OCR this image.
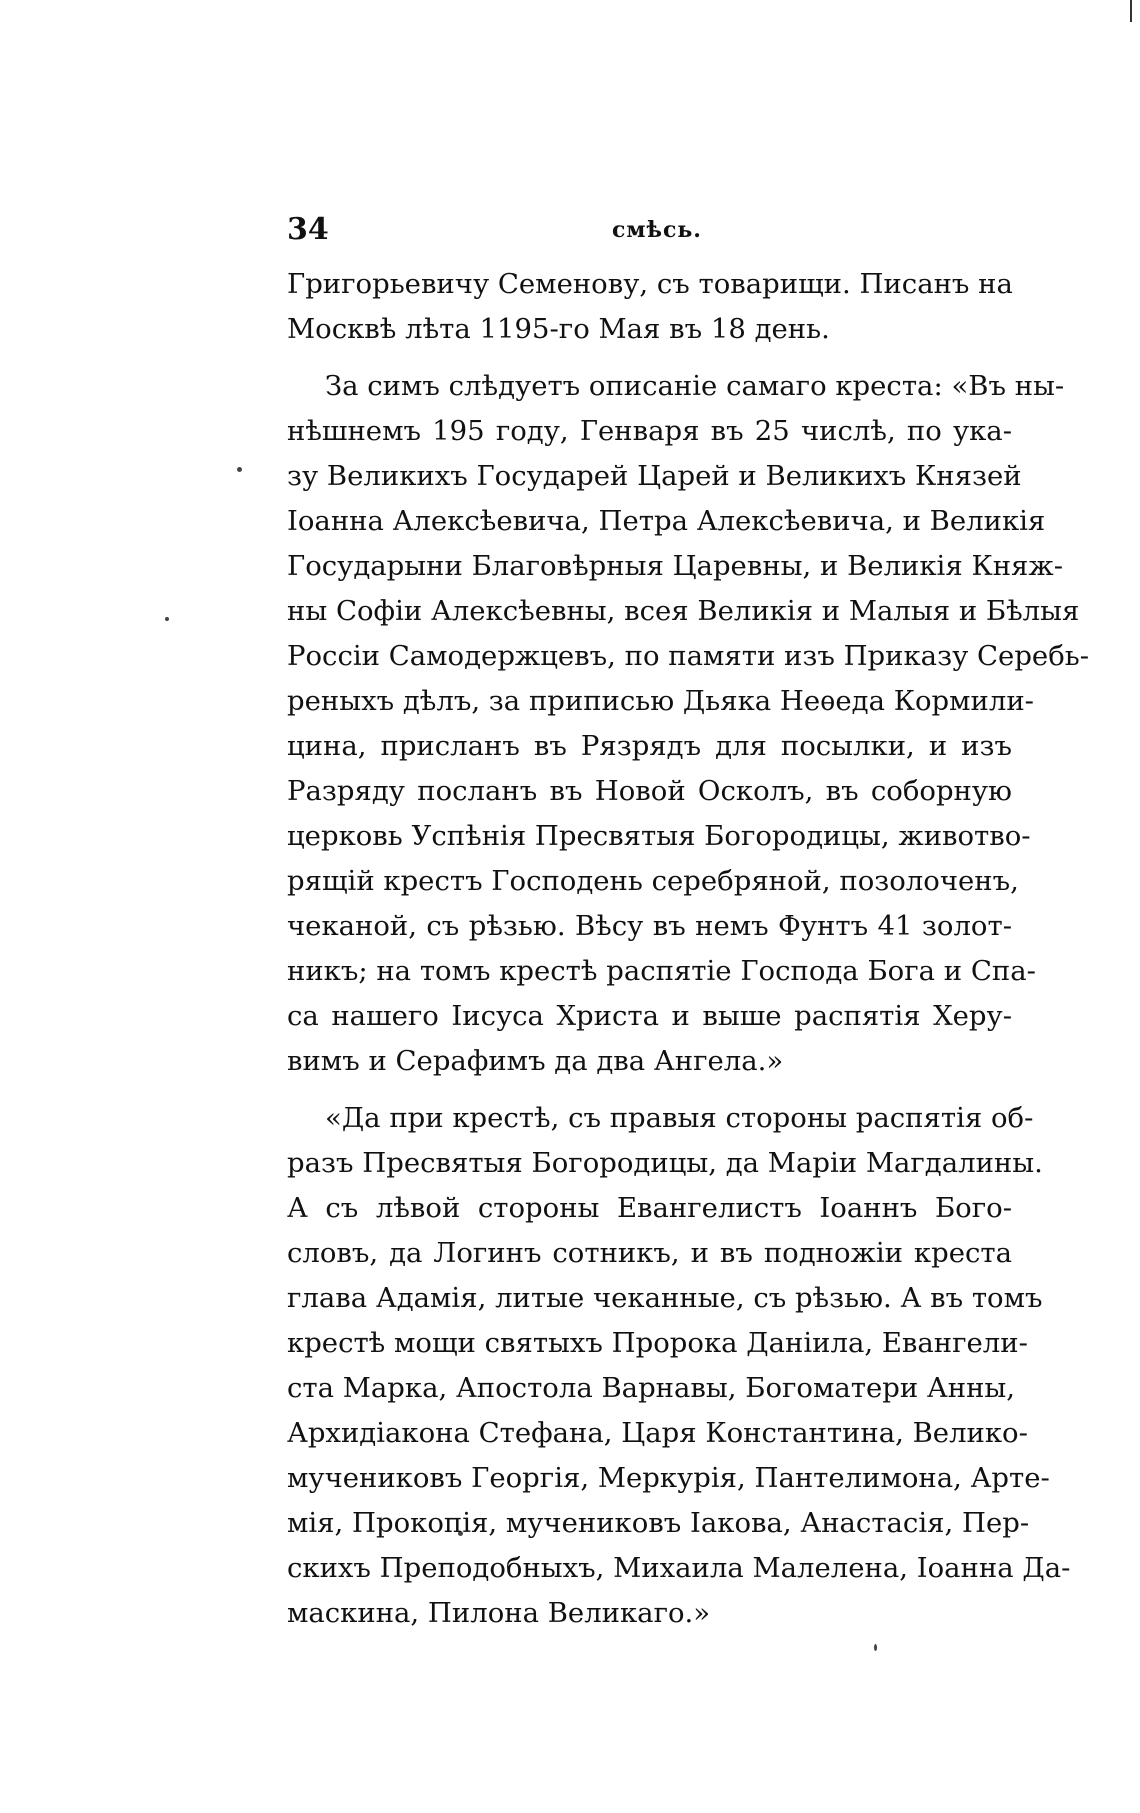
34	смѣсь.
Григорьевичу Семенову, съ товарищи. Писанъ на
Москвѣ лѣта 1195-го Мая въ 18 день.
За симъ слѣдуетъ описаніе самаго креста: «Въ ны-
нѣшнемъ 195 году, Генваря въ 25 числѣ, по ука-
зу Великихъ Государей Царей и Великихъ Князей
Іоанна Алексѣевича, Петра Алексѣевича, и Великія
Государыни Благовѣрныя Царевны, и Великія Княж-
ны Софіи Алексѣевны, всея Великія и Малыя и Бѣлыя
Россіи Самодержцевъ, по памяти изъ Приказу Серебь-
реныхъ дѣлъ, за приписью Дьяка Неѳеда Кормили-
цина, присланъ въ Рязрядъ для посылки, и изъ
Разряду посланъ въ Новой Осколъ, въ соборную
церковь Успѣнія Пресвятыя Богородицы, животво-
рящій крестъ Господень серебряной, позолоченъ,
чеканой, съ рѣзью. Вѣсу въ немъ Фунтъ 41 золот-
никъ; на томъ крестѣ распятіе Господа Бога и Спа-
са нашего Іисуса Христа и выше распятія Херу-
вимъ и Серафимъ да два Ангела.»
«Да при крестѣ, съ правыя стороны распятія об-
разъ Пресвятыя Богородицы, да Маріи Магдалины.
А съ лѣвой стороны Евангелистъ Іоаннъ Бого-
словъ, да Логинъ сотникъ, и въ подножіи креста
глава Адамія, литые чеканные, съ рѣзью. А въ томъ
крестѣ мощи святыхъ Пророка Даніила, Евангели-
ста Марка, Апостола Варнавы, Богоматери Анны,
Архидіакона Стефана, Царя Константина, Велико-
мучениковъ Георгія, Меркурія, Пантелимона, Арте-
мія, Прокопія, мучениковъ Іакова, Анастасія, Пер-
скихъ Преподобныхъ, Михаила Малелена, Іоанна Да-
маскина, Пилона Великаго.»
